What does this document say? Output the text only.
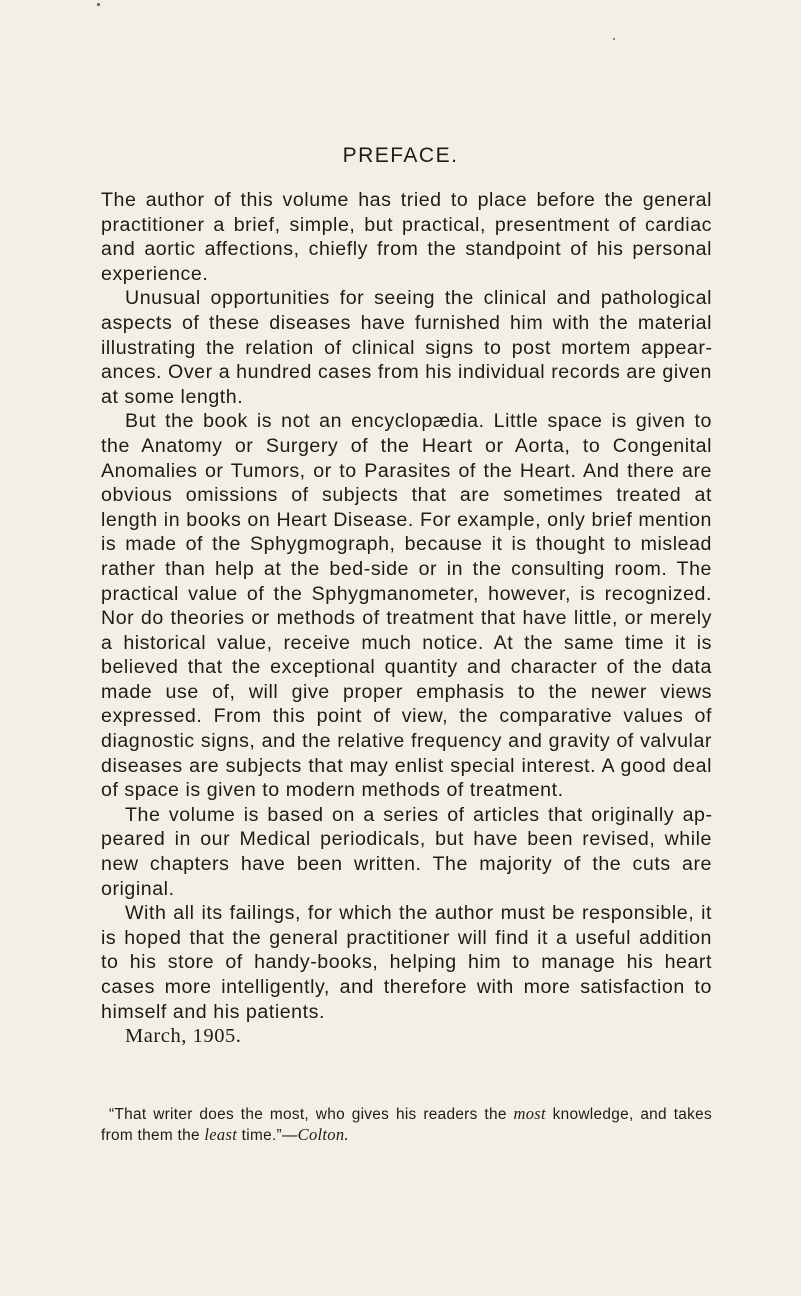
PREFACE.

The author of this volume has tried to place before the general practitioner a brief, simple, but practical, presentment of cardiac and aortic affections, chiefly from the standpoint of his personal experience.

Unusual opportunities for seeing the clinical and pathological aspects of these diseases have furnished him with the material illustrating the relation of clinical signs to post mortem appearances. Over a hundred cases from his individual records are given at some length.

But the book is not an encyclopædia. Little space is given to the Anatomy or Surgery of the Heart or Aorta, to Congenital Anomalies or Tumors, or to Parasites of the Heart. And there are obvious omissions of subjects that are sometimes treated at length in books on Heart Disease. For example, only brief mention is made of the Sphygmograph, because it is thought to mislead rather than help at the bed-side or in the consulting room. The practical value of the Sphygmanometer, however, is recognized. Nor do theories or methods of treatment that have little, or merely a historical value, receive much notice. At the same time it is believed that the exceptional quantity and character of the data made use of, will give proper emphasis to the newer views expressed. From this point of view, the comparative values of diagnostic signs, and the relative frequency and gravity of valvular diseases are subjects that may enlist special interest. A good deal of space is given to modern methods of treatment.

The volume is based on a series of articles that originally appeared in our Medical periodicals, but have been revised, while new chapters have been written. The majority of the cuts are original.

With all its failings, for which the author must be responsible, it is hoped that the general practitioner will find it a useful addition to his store of handy-books, helping him to manage his heart cases more intelligently, and therefore with more satisfaction to himself and his patients.

March, 1905.

“That writer does the most, who gives his readers the most knowledge, and takes from them the least time.”—Colton.
